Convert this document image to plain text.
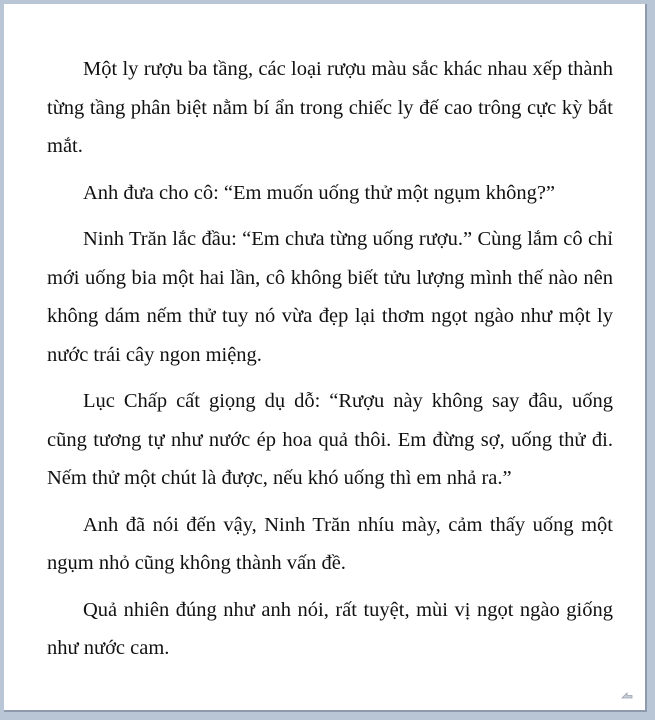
Một ly rượu ba tầng, các loại rượu màu sắc khác nhau xếp thành từng tầng phân biệt nằm bí ẩn trong chiếc ly đế cao trông cực kỳ bắt mắt.

Anh đưa cho cô: “Em muốn uống thử một ngụm không?”

Ninh Trăn lắc đầu: “Em chưa từng uống rượu.” Cùng lắm cô chỉ mới uống bia một hai lần, cô không biết tửu lượng mình thế nào nên không dám nếm thử tuy nó vừa đẹp lại thơm ngọt ngào như một ly nước trái cây ngon miệng.

Lục Chấp cất giọng dụ dỗ: “Rượu này không say đâu, uống cũng tương tự như nước ép hoa quả thôi. Em đừng sợ, uống thử đi. Nếm thử một chút là được, nếu khó uống thì em nhả ra.”

Anh đã nói đến vậy, Ninh Trăn nhíu mày, cảm thấy uống một ngụm nhỏ cũng không thành vấn đề.

Quả nhiên đúng như anh nói, rất tuyệt, mùi vị ngọt ngào giống như nước cam.
